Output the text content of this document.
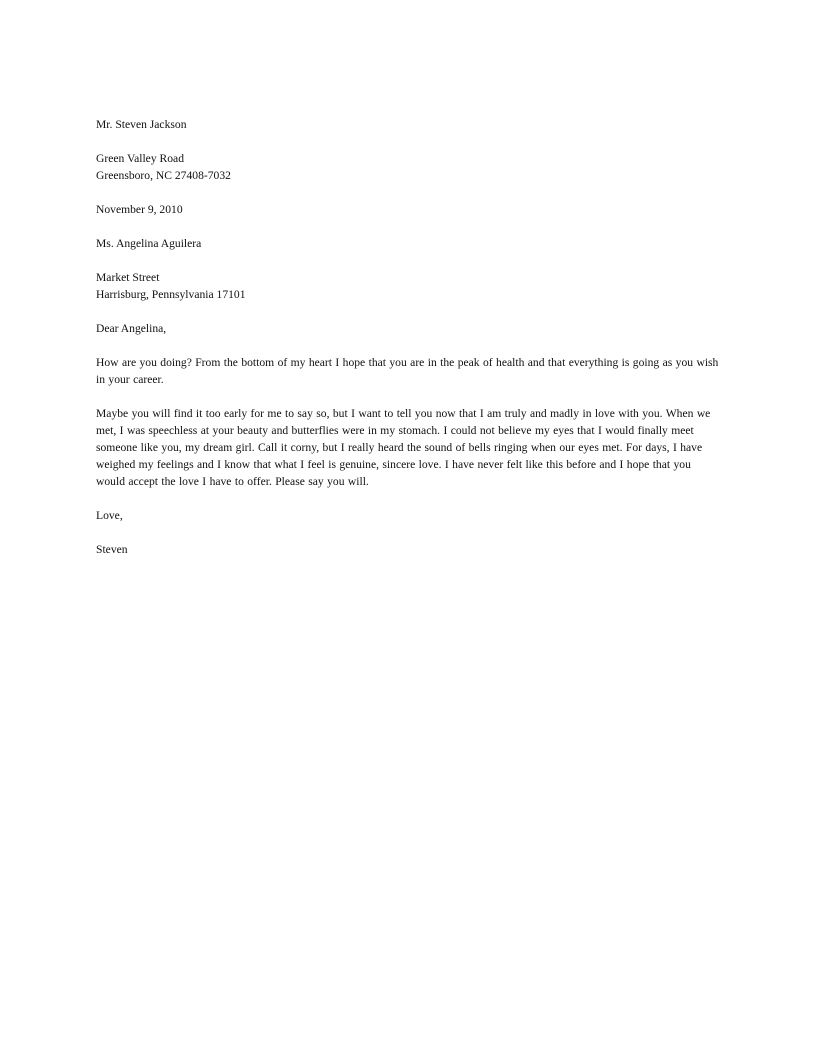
Mr. Steven Jackson
Green Valley Road
Greensboro, NC 27408-7032
November 9, 2010
Ms. Angelina Aguilera
Market Street
Harrisburg, Pennsylvania 17101
Dear Angelina,

How are you doing? From the bottom of my heart I hope that you are in the peak of health and that everything is going as you wish in your career.

Maybe you will find it too early for me to say so, but I want to tell you now that I am truly and madly in love with you. When we met, I was speechless at your beauty and butterflies were in my stomach. I could not believe my eyes that I would finally meet someone like you, my dream girl. Call it corny, but I really heard the sound of bells ringing when our eyes met. For days, I have weighed my feelings and I know that what I feel is genuine, sincere love. I have never felt like this before and I hope that you would accept the love I have to offer. Please say you will.

Love,
Steven
